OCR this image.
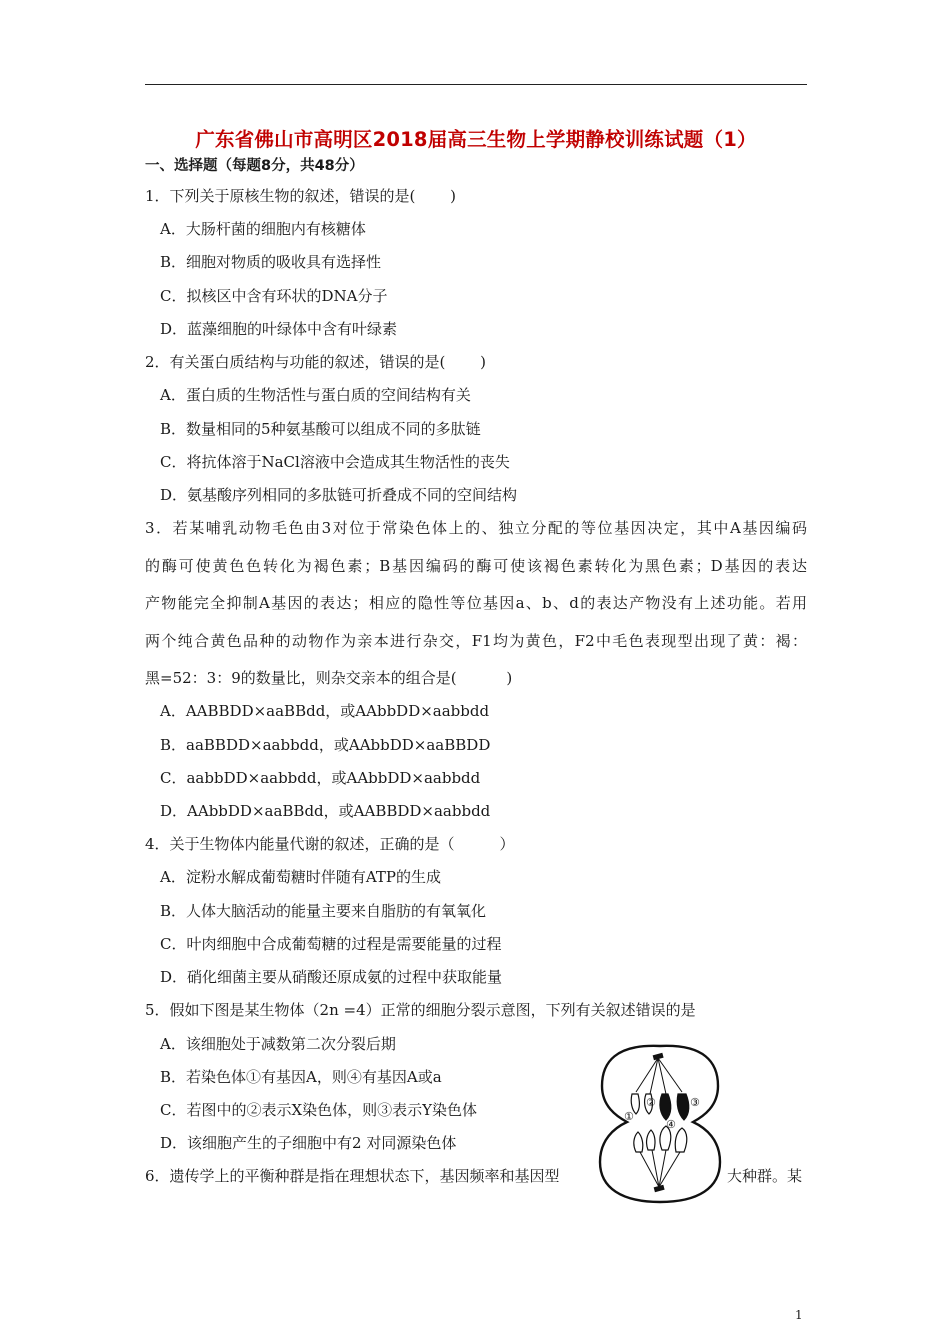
广东省佛山市高明区2018届高三生物上学期静校训练试题（1）
一、选择题（每题8分，共48分）
1．下列关于原核生物的叙述，错误的是(　　 )
A．大肠杆菌的细胞内有核糖体
B．细胞对物质的吸收具有选择性
C．拟核区中含有环状的DNA分子
D．蓝藻细胞的叶绿体中含有叶绿素
2．有关蛋白质结构与功能的叙述，错误的是(　　 )
A．蛋白质的生物活性与蛋白质的空间结构有关
B．数量相同的5种氨基酸可以组成不同的多肽链
C．将抗体溶于NaCl溶液中会造成其生物活性的丧失
D．氨基酸序列相同的多肽链可折叠成不同的空间结构
3．若某哺乳动物毛色由3对位于常染色体上的、独立分配的等位基因决定，其中A基因编码
的酶可使黄色色转化为褐色素；B基因编码的酶可使该褐色素转化为黑色素；D基因的表达
产物能完全抑制A基因的表达；相应的隐性等位基因a、b、d的表达产物没有上述功能。若用
两个纯合黄色品种的动物作为亲本进行杂交，F1均为黄色，F2中毛色表现型出现了黄：褐：
黑=52：3：9的数量比，则杂交亲本的组合是(　　　 )
A．AABBDD×aaBBdd，或AAbbDD×aabbdd
B．aaBBDD×aabbdd，或AAbbDD×aaBBDD
C．aabbDD×aabbdd，或AAbbDD×aabbdd
D．AAbbDD×aaBBdd，或AABBDD×aabbdd
4．关于生物体内能量代谢的叙述，正确的是（　　　）
A．淀粉水解成葡萄糖时伴随有ATP的生成
B．人体大脑活动的能量主要来自脂肪的有氧氧化
C．叶肉细胞中合成葡萄糖的过程是需要能量的过程
D．硝化细菌主要从硝酸还原成氨的过程中获取能量
5．假如下图是某生物体（2n =4）正常的细胞分裂示意图，下列有关叙述错误的是
A．该细胞处于减数第二次分裂后期
B．若染色体①有基因A，则④有基因A或a
C．若图中的②表示X染色体，则③表示Y染色体
D．该细胞产生的子细胞中有2 对同源染色体
6．遗传学上的平衡种群是指在理想状态下，基因频率和基因型	大种群。某
①
②	③
④
1
